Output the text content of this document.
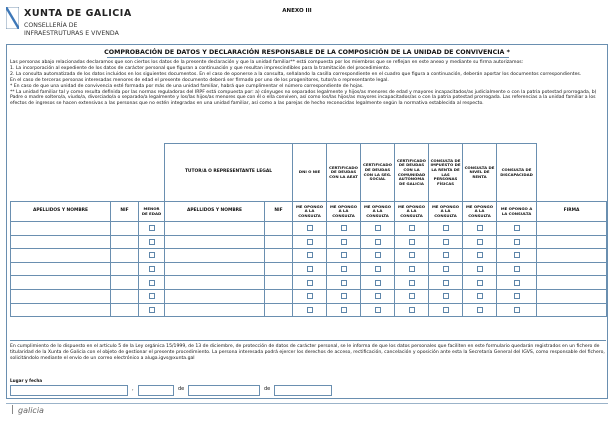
XUNTA DE GALICIA
CONSELLERÍA DE
INFRAESTRUTURAS E VIVENDA
ANEXO III
COMPROBACIÓN DE DATOS Y DECLARACIÓN RESPONSABLE DE LA COMPOSICIÓN DE LA UNIDAD DE CONVIVENCIA *

Las personas abajo relacionadas declaramos que son ciertos los datos de la presente declaración y que la unidad familiar** está compuesta por los miembros que se reflejan en este anexo y mediante su firma autorizamos:

1. La incorporación al expediente de los datos de carácter personal que figuran a continuación y que resultan imprescindibles para la tramitación del procedimiento.

2. La consulta automatizada de los datos incluidos en los siguientes documentos. En el caso de oponerse a la consulta, señalando la casilla correspondiente en el cuadro que figura a continuación, deberán aportar los documentos correspondientes.

En el caso de terceras personas interesadas menores de edad el presente documento deberá ser firmado por uno de los progenitores, tutor/a o representante legal.

* En caso de que una unidad de convivencia esté formada por más de una unidad familiar, habrá que cumplimentar el número correspondiente de hojas.

** La unidad familiar tal y como resulta definida por las normas reguladoras del IRPF está compuesta por: a) cónyuges no separados legalmente y hijos/as menores de edad y mayores incapacitados/as judicialmente o con la patria potestad prorrogada, b) Padre o madre soltero/a, viudo/a, divorciado/a o separado/a legalmente y los/las hijos/as menores que con él o ella conviven, así como los/las hijos/as mayores incapacitados/as o con la patria potestad prorrogada. Las referencias a la unidad familiar a los efectos de ingresos se hacen extensivas a las personas que no estén integradas en una unidad familiar, así como a las parejas de hecho reconocidas legalmente según la normativa establecida al respecto.

			TUTOR/A O REPRESENTANTE LEGAL		DNI O NIE	CERTIFICADO DE DEUDAS CON LA AEAT	CERTIFICADO DE DEUDAS CON LA SEG. SOCIAL	CERTIFICADO DE DEUDAS CON LA COMUNIDAD AUTÓNOMA DE GALICIA	CONSULTA DE IMPUESTO DE LA RENTA DE LAS PERSONAS FÍSICAS	CONSULTA DE NIVEL DE RENTA	CONSULTA DE DISCAPACIDAD	
APELLIDOS Y NOMBRE	NIF	MENOR DE EDAD	APELLIDOS Y NOMBRE	NIF	ME OPONGO A LA CONSULTA	ME OPONGO A LA CONSULTA	ME OPONGO A LA CONSULTA	ME OPONGO A LA CONSULTA	ME OPONGO A LA CONSULTA	ME OPONGO A LA CONSULTA	ME OPONGO A LA CONSULTA	FIRMA

En cumplimiento de lo dispuesto en el artículo 5 de la Ley orgánica 15/1999, de 13 de diciembre, de protección de datos de carácter personal, se le informa de que los datos personales que faciliten en este formulario quedarán registrados en un fichero de titularidad de la Xunta de Galicia con el objeto de gestionar el presente procedimiento. La persona interesada podrá ejercer los derechos de acceso, rectificación, cancelación y oposición ante esta la Secretaría General del IGVS, como responsable del fichero, solicitándolo mediante el envío de un correo electrónico a aluga.igvs@xunta.gal
Lugar y fecha
,	de	de
galicia
